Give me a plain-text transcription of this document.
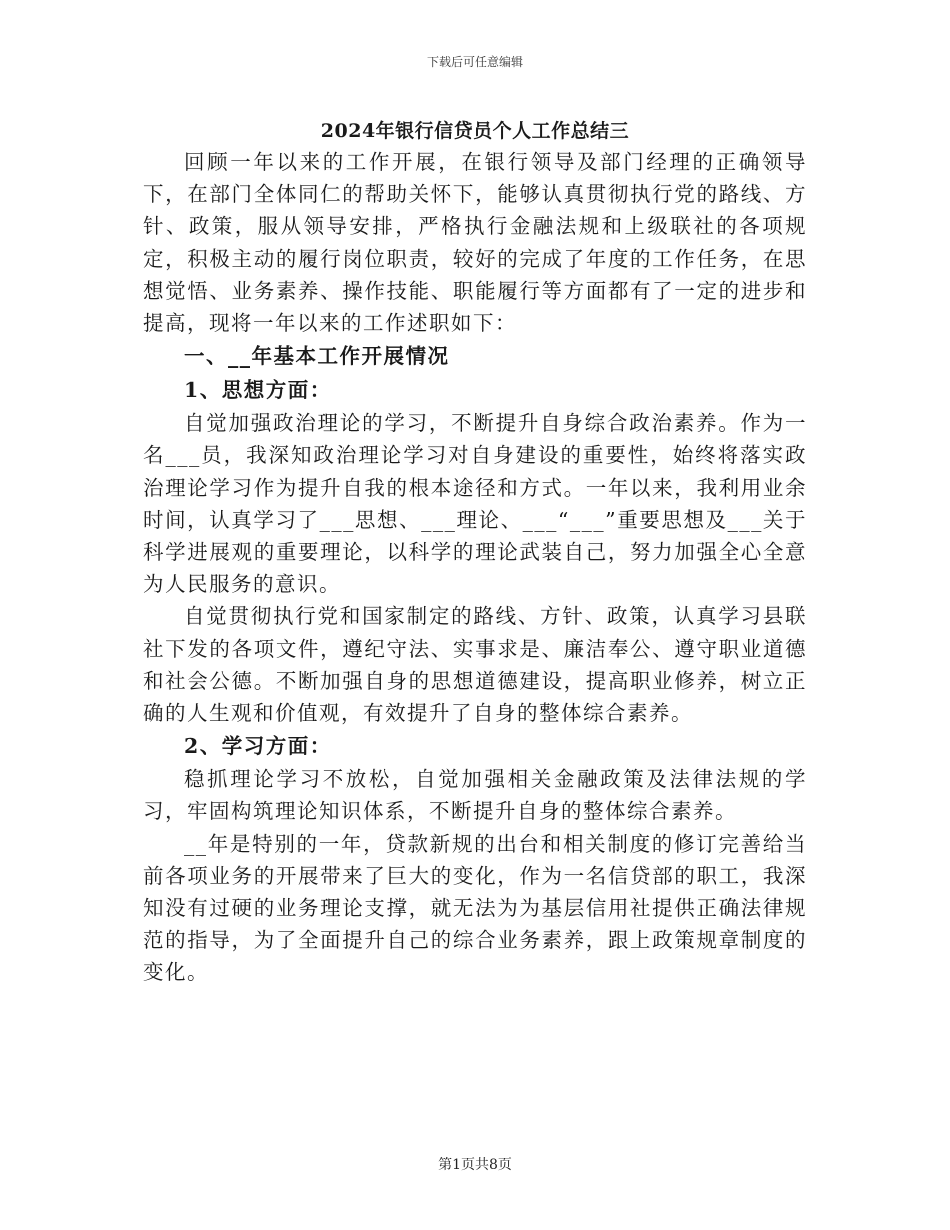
下载后可任意编辑
2024年银行信贷员个人工作总结三

回顾一年以来的工作开展，在银行领导及部门经理的正确领导下，在部门全体同仁的帮助关怀下，能够认真贯彻执行党的路线、方针、政策，服从领导安排，严格执行金融法规和上级联社的各项规定，积极主动的履行岗位职责，较好的完成了年度的工作任务，在思想觉悟、业务素养、操作技能、职能履行等方面都有了一定的进步和提高，现将一年以来的工作述职如下：

一、__年基本工作开展情况
1、思想方面：

自觉加强政治理论的学习，不断提升自身综合政治素养。作为一名___员，我深知政治理论学习对自身建设的重要性，始终将落实政治理论学习作为提升自我的根本途径和方式。一年以来，我利用业余时间，认真学习了___思想、___理论、___“___”重要思想及___关于科学进展观的重要理论，以科学的理论武装自己，努力加强全心全意为人民服务的意识。

自觉贯彻执行党和国家制定的路线、方针、政策，认真学习县联社下发的各项文件，遵纪守法、实事求是、廉洁奉公、遵守职业道德和社会公德。不断加强自身的思想道德建设，提高职业修养，树立正确的人生观和价值观，有效提升了自身的整体综合素养。

2、学习方面：

稳抓理论学习不放松，自觉加强相关金融政策及法律法规的学习，牢固构筑理论知识体系，不断提升自身的整体综合素养。

__年是特别的一年，贷款新规的出台和相关制度的修订完善给当前各项业务的开展带来了巨大的变化，作为一名信贷部的职工，我深知没有过硬的业务理论支撑，就无法为为基层信用社提供正确法律规范的指导，为了全面提升自己的综合业务素养，跟上政策规章制度的变化。

第1页共8页
